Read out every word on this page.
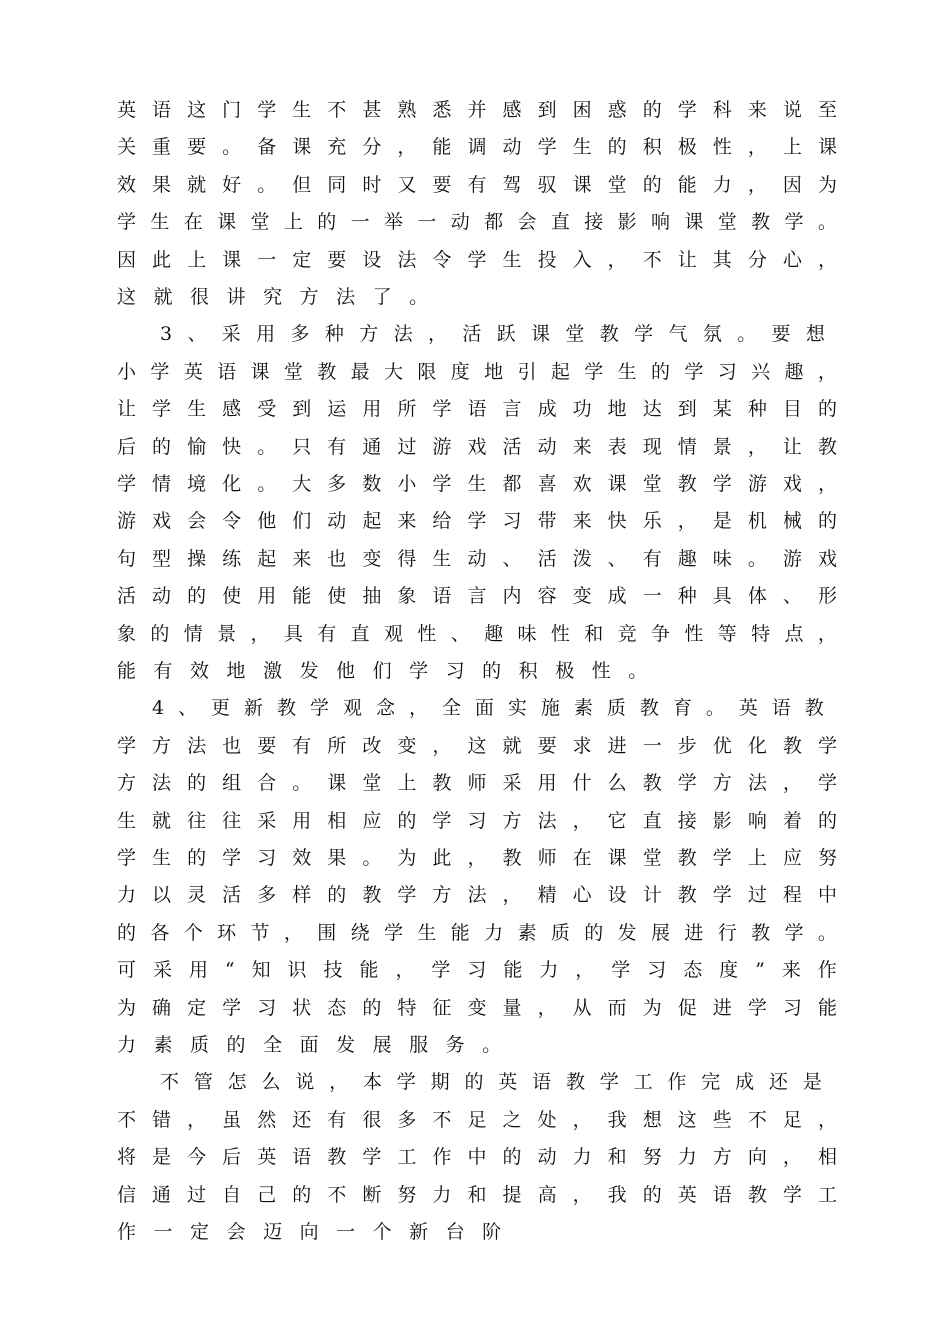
英 语 这 门 学 生 不 甚 熟 悉 并 感 到 困 惑 的 学 科 来 说 至
关 重 要 。 备 课 充 分 ， 能 调 动 学 生 的 积 极 性 ， 上 课
效 果 就 好 。 但 同 时 又 要 有 驾 驭 课 堂 的 能 力 ， 因 为
学 生 在 课 堂 上 的 一 举 一 动 都 会 直 接 影 响 课 堂 教 学 。
因 此 上 课 一 定 要 设 法 令 学 生 投 入 ， 不 让 其 分 心 ，
这 就 很 讲 究 方 法 了 。
3 、 采 用 多 种 方 法 ， 活 跃 课 堂 教 学 气 氛 。 要 想
小 学 英 语 课 堂 教 最 大 限 度 地 引 起 学 生 的 学 习 兴 趣 ，
让 学 生 感 受 到 运 用 所 学 语 言 成 功 地 达 到 某 种 目 的
后 的 愉 快 。 只 有 通 过 游 戏 活 动 来 表 现 情 景 ， 让 教
学 情 境 化 。 大 多 数 小 学 生 都 喜 欢 课 堂 教 学 游 戏 ，
游 戏 会 令 他 们 动 起 来 给 学 习 带 来 快 乐 ， 是 机 械 的
句 型 操 练 起 来 也 变 得 生 动 、 活 泼 、 有 趣 味 。 游 戏
活 动 的 使 用 能 使 抽 象 语 言 内 容 变 成 一 种 具 体 、 形
象 的 情 景 ， 具 有 直 观 性 、 趣 味 性 和 竞 争 性 等 特 点 ，
能 有 效 地 激 发 他 们 学 习 的 积 极 性 。
4 、 更 新 教 学 观 念 ， 全 面 实 施 素 质 教 育 。 英 语 教
学 方 法 也 要 有 所 改 变 ， 这 就 要 求 进 一 步 优 化 教 学
方 法 的 组 合 。 课 堂 上 教 师 采 用 什 么 教 学 方 法 ， 学
生 就 往 往 采 用 相 应 的 学 习 方 法 ， 它 直 接 影 响 着 的
学 生 的 学 习 效 果 。 为 此 ， 教 师 在 课 堂 教 学 上 应 努
力 以 灵 活 多 样 的 教 学 方 法 ， 精 心 设 计 教 学 过 程 中
的 各 个 环 节 ， 围 绕 学 生 能 力 素 质 的 发 展 进 行 教 学 。
可 采 用 “ 知 识 技 能 ， 学 习 能 力 ， 学 习 态 度 ” 来 作
为 确 定 学 习 状 态 的 特 征 变 量 ， 从 而 为 促 进 学 习 能
力 素 质 的 全 面 发 展 服 务 。
不 管 怎 么 说 ， 本 学 期 的 英 语 教 学 工 作 完 成 还 是
不 错 ， 虽 然 还 有 很 多 不 足 之 处 ， 我 想 这 些 不 足 ，
将 是 今 后 英 语 教 学 工 作 中 的 动 力 和 努 力 方 向 ， 相
信 通 过 自 己 的 不 断 努 力 和 提 高 ， 我 的 英 语 教 学 工
作 一 定 会 迈 向 一 个 新 台 阶
